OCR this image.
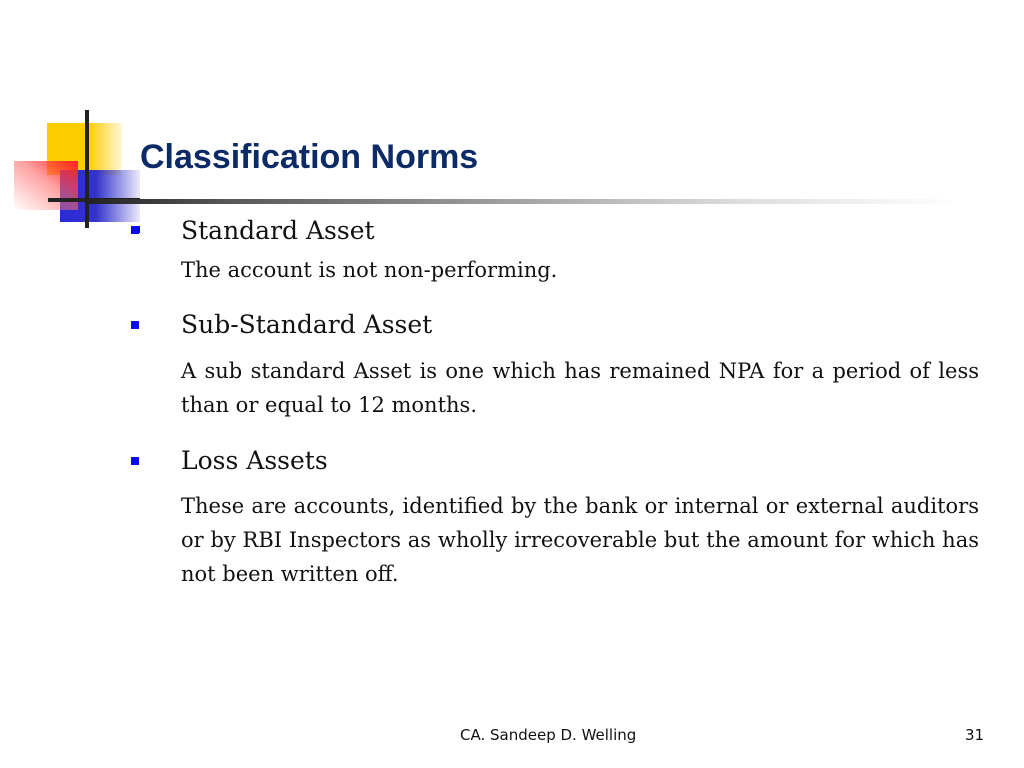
Classification Norms
Standard Asset
The account is not non-performing.
Sub-Standard Asset
A sub standard Asset is one which has remained NPA for a period of less than or equal to 12 months.
Loss Assets
These are accounts, identified by the bank or internal or external auditors or by RBI Inspectors as wholly irrecoverable but the amount for which has not been written off.
CA. Sandeep D. Welling	31
